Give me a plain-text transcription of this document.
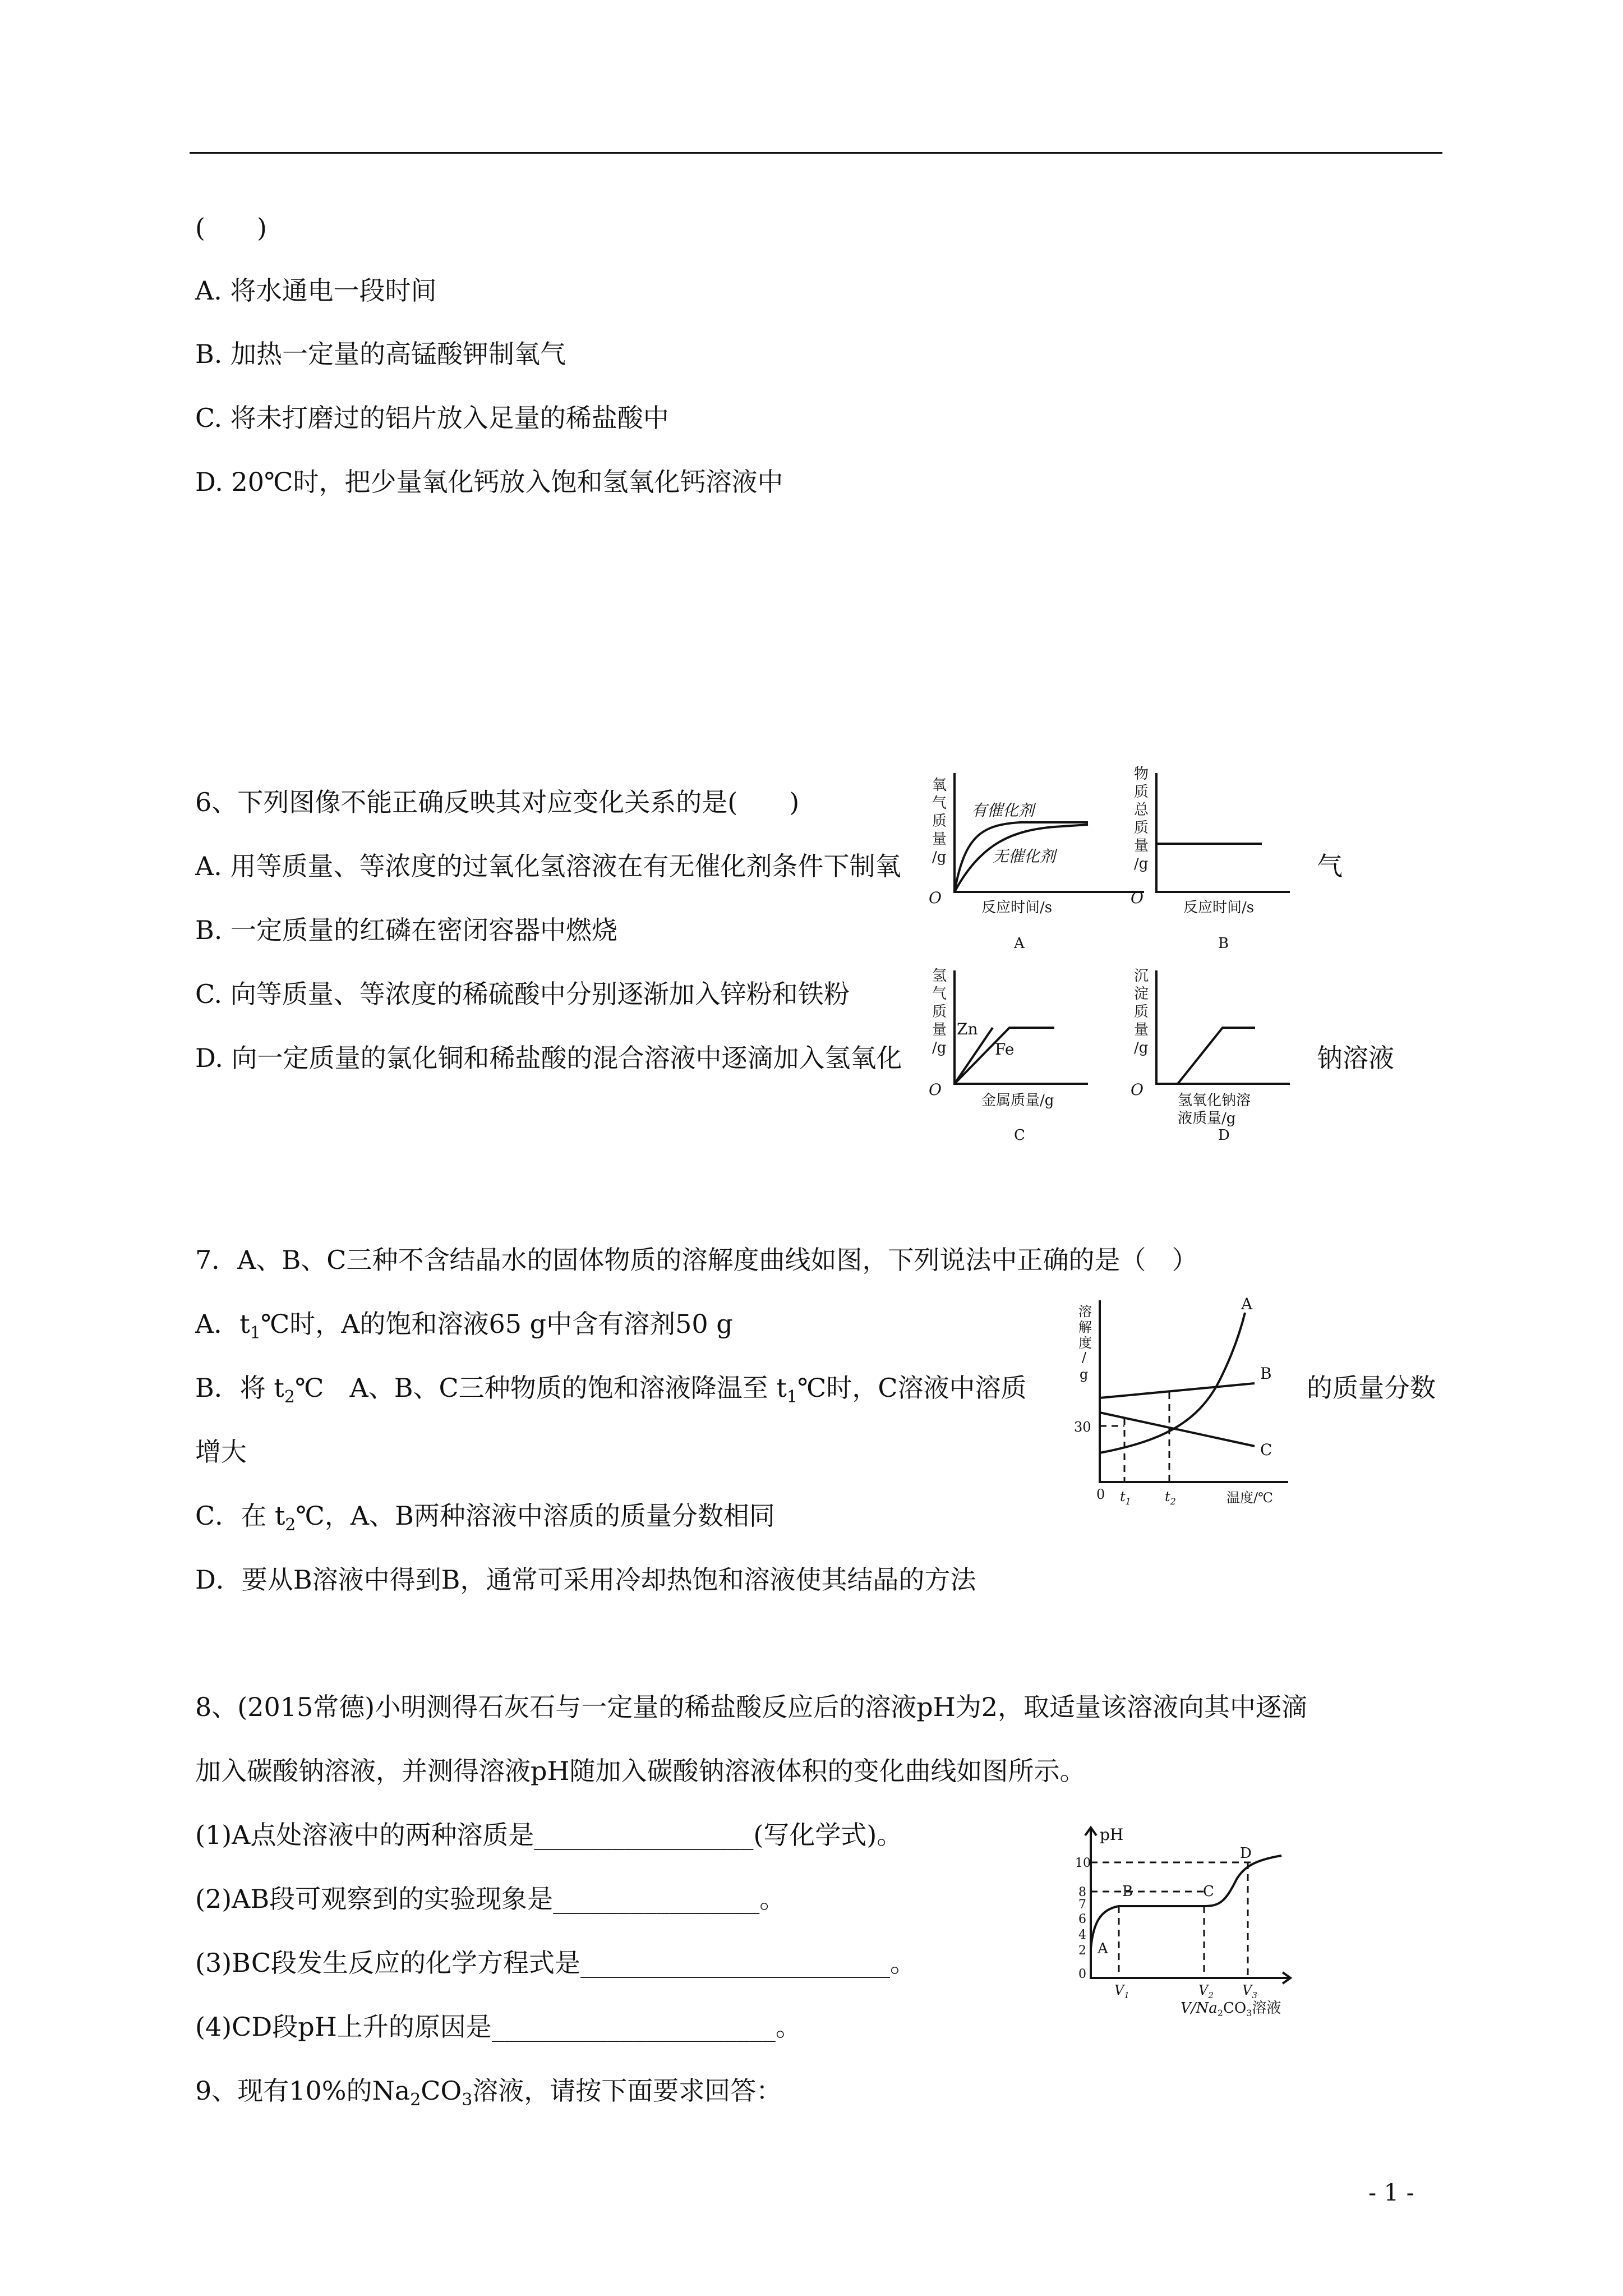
(　　)
A. 将水通电一段时间
B. 加热一定量的高锰酸钾制氧气
C. 将未打磨过的铝片放入足量的稀盐酸中
D. 20℃时，把少量氧化钙放入饱和氢氧化钙溶液中
6、下列图像不能正确反映其对应变化关系的是(　　)
A. 用等质量、等浓度的过氧化氢溶液在有无催化剂条件下制氧
B. 一定质量的红磷在密闭容器中燃烧
C. 向等质量、等浓度的稀硫酸中分别逐渐加入锌粉和铁粉
D. 向一定质量的氯化铜和稀盐酸的混合溶液中逐滴加入氢氧化
气
钠溶液
氧
气
质
量
/g
有催化剂
无催化剂
O
反应时间/s
A
物
质
总
质
量
/g
O
反应时间/s
B
氢
气
质
量
/g
Zn
Fe
O
金属质量/g
C
沉
淀
质
量
/g
O
氢氧化钠溶
液质量/g
D
7．A、B、C三种不含结晶水的固体物质的溶解度曲线如图，下列说法中正确的是（　）
A．$t_1℃$时，A的饱和溶液65 g中含有溶剂50 g
B．将 $t_2℃$　A、B、C三种物质的饱和溶液降温至 $t_1℃$时，C溶液中溶质	的质量分数
增大
C．在 $t_2℃$，A、B两种溶液中溶质的质量分数相同
D．要从B溶液中得到B，通常可采用冷却热饱和溶液使其结晶的方法
溶
解
度
/
g
A
B
C
30
0 $t_1$	$t_2$	温度/℃
8、(2015常德)小明测得石灰石与一定量的稀盐酸反应后的溶液pH为2，取适量该溶液向其中逐滴
加入碳酸钠溶液，并测得溶液pH随加入碳酸钠溶液体积的变化曲线如图所示。
(1)A点处溶液中的两种溶质是_________________(写化学式)。
(2)AB段可观察到的实验现象是________________。
(3)BC段发生反应的化学方程式是________________________。
(4)CD段pH上升的原因是______________________。
pH
10
8
7
6
4
2
0
A
B	C
D
$V_1$	$V_2$ $V_3$
$V/Na_2CO_3$溶液
9、现有10%的$Na_2CO_3$溶液，请按下面要求回答：
- 1 -
